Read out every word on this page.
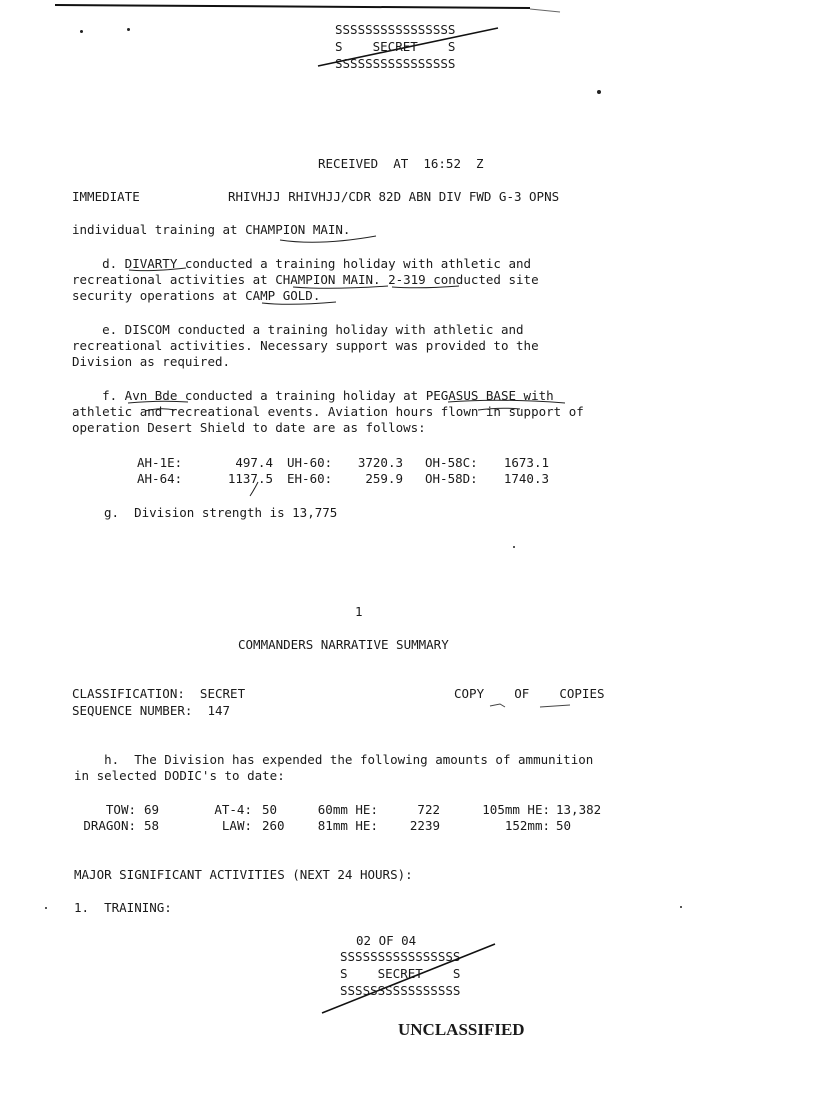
SSSSSSSSSSSSSSSS
S    SECRET    S
SSSSSSSSSSSSSSSS
RECEIVED  AT  16:52  Z
IMMEDIATE	RHIVHJJ RHIVHJJ/CDR 82D ABN DIV FWD G-3 OPNS
individual training at CHAMPION MAIN.
d. DIVARTY conducted a training holiday with athletic and
recreational activities at CHAMPION MAIN. 2-319 conducted site
security operations at CAMP GOLD.
e. DISCOM conducted a training holiday with athletic and
recreational activities. Necessary support was provided to the
Division as required.
f. Avn Bde conducted a training holiday at PEGASUS BASE with
athletic and recreational events. Aviation hours flown in support of
operation Desert Shield to date are as follows:
AH-1E:	497.4	UH-60:	3720.3	OH-58C:	1673.1
AH-64:	1137.5	EH-60:	259.9	OH-58D:	1740.3
g.  Division strength is 13,775
1
COMMANDERS NARRATIVE SUMMARY
CLASSIFICATION:  SECRET	COPY    OF    COPIES
SEQUENCE NUMBER:  147
h.  The Division has expended the following amounts of ammunition
in selected DODIC's to date:
TOW: 69	AT-4: 50	60mm HE:	722	105mm HE: 13,382
DRAGON: 58	LAW: 260	81mm HE:	2239	152mm: 50
MAJOR SIGNIFICANT ACTIVITIES (NEXT 24 HOURS):
1.  TRAINING:
02 OF 04
SSSSSSSSSSSSSSSS
S    SECRET    S
SSSSSSSSSSSSSSSS
UNCLASSIFIED
